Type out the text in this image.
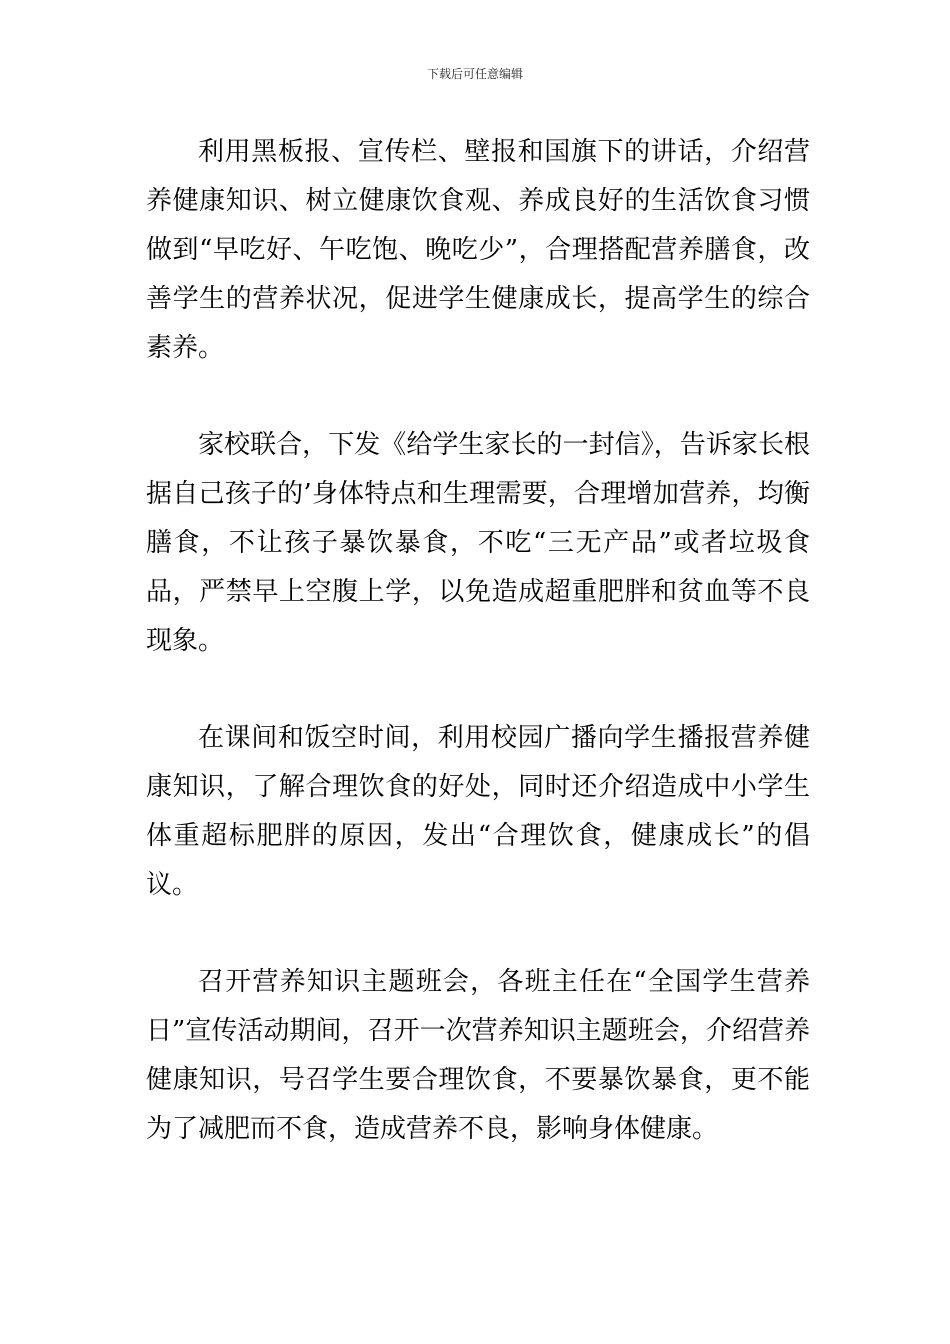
下载后可任意编辑

利用黑板报、宣传栏、壁报和国旗下的讲话，介绍营养健康知识、树立健康饮食观、养成良好的生活饮食习惯做到“早吃好、午吃饱、晚吃少”，合理搭配营养膳食，改善学生的营养状况，促进学生健康成长，提高学生的综合素养。

家校联合，下发《给学生家长的一封信》，告诉家长根据自己孩子的’身体特点和生理需要，合理增加营养，均衡膳食，不让孩子暴饮暴食，不吃“三无产品”或者垃圾食品，严禁早上空腹上学，以免造成超重肥胖和贫血等不良现象。

在课间和饭空时间，利用校园广播向学生播报营养健康知识，了解合理饮食的好处，同时还介绍造成中小学生体重超标肥胖的原因，发出“合理饮食，健康成长”的倡议。

召开营养知识主题班会，各班主任在“全国学生营养日”宣传活动期间，召开一次营养知识主题班会，介绍营养健康知识，号召学生要合理饮食，不要暴饮暴食，更不能为了减肥而不食，造成营养不良，影响身体健康。
